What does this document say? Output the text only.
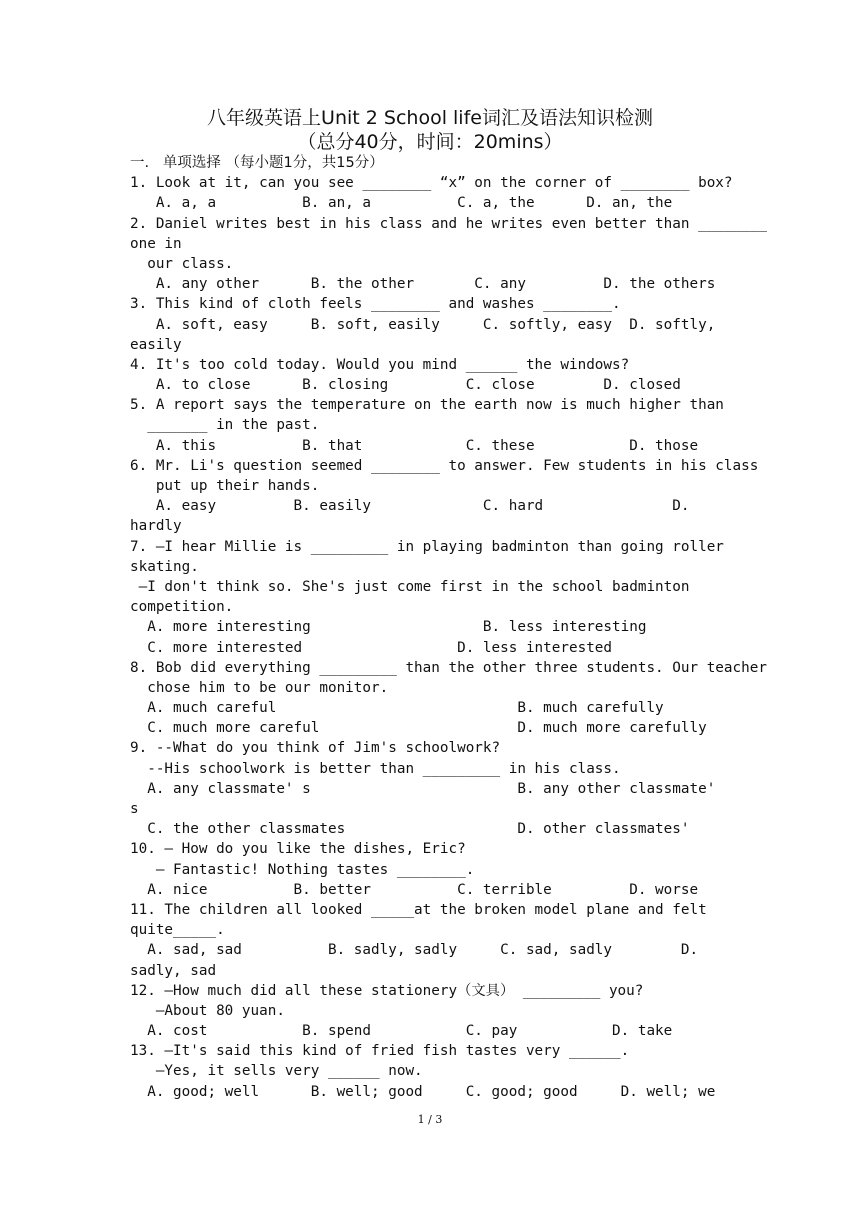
八年级英语上Unit 2 School life词汇及语法知识检测
（总分40分，时间：20mins）
一.   单项选择 （每小题1分，共15分）
1. Look at it, can you see ________ “x” on the corner of ________ box?
A. a, a          B. an, a          C. a, the      D. an, the
2. Daniel writes best in his class and he writes even better than ________
one in
our class.
A. any other      B. the other       C. any         D. the others
3. This kind of cloth feels ________ and washes ________.
A. soft, easy     B. soft, easily     C. softly, easy  D. softly,
easily
4. It's too cold today. Would you mind ______ the windows?
A. to close      B. closing         C. close        D. closed
5. A report says the temperature on the earth now is much higher than
_______ in the past.
A. this          B. that            C. these           D. those
6. Mr. Li's question seemed ________ to answer. Few students in his class
put up their hands.
A. easy         B. easily             C. hard               D.
hardly
7. —I hear Millie is _________ in playing badminton than going roller
skating.
—I don't think so. She's just come first in the school badminton
competition.
A. more interesting                    B. less interesting
C. more interested                  D. less interested
8. Bob did everything _________ than the other three students. Our teacher
chose him to be our monitor.
A. much careful                            B. much carefully
C. much more careful                       D. much more carefully
9. --What do you think of Jim's schoolwork?
--His schoolwork is better than _________ in his class.
A. any classmate' s                        B. any other classmate'
s
C. the other classmates                    D. other classmates'
10. — How do you like the dishes, Eric?
— Fantastic! Nothing tastes ________.
A. nice          B. better          C. terrible         D. worse
11. The children all looked _____at the broken model plane and felt
quite_____.
A. sad, sad          B. sadly, sadly     C. sad, sadly        D.
sadly, sad
12. —How much did all these stationery（文具） _________ you?
—About 80 yuan.
A. cost           B. spend           C. pay           D. take
13. —It's said this kind of fried fish tastes very ______.
—Yes, it sells very ______ now.
A. good; well      B. well; good     C. good; good     D. well; we
1 / 3
